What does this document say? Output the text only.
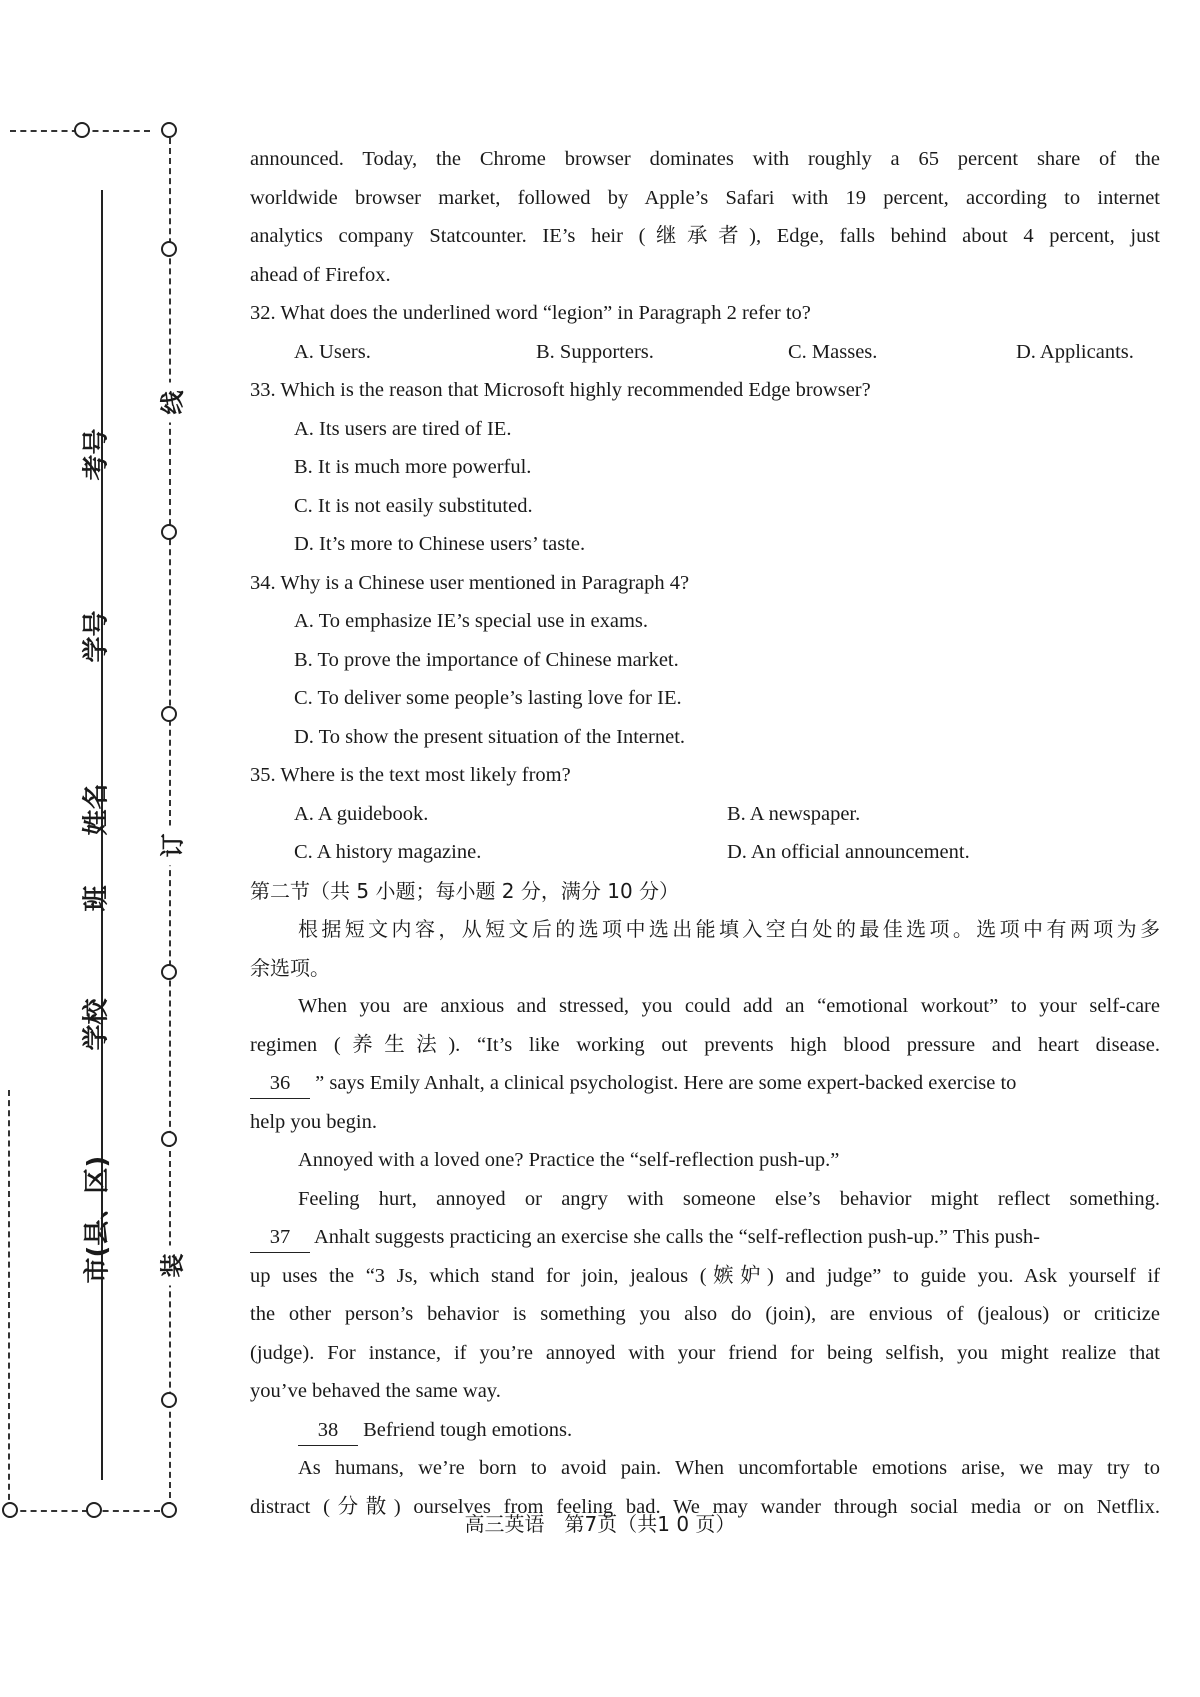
考号
学号
姓名
班
学校
市(县、区)
线
订
装
announced. Today, the Chrome browser dominates with roughly a 65 percent share of the
worldwide browser market, followed by Apple’s Safari with 19 percent, according to internet
analytics company Statcounter. IE’s heir (继承者), Edge, falls behind about 4 percent, just
ahead of Firefox.
32. What does the underlined word “legion” in Paragraph 2 refer to?
A. Users.	B. Supporters.	C. Masses.	D. Applicants.
33. Which is the reason that Microsoft highly recommended Edge browser?
A. Its users are tired of IE.
B. It is much more powerful.
C. It is not easily substituted.
D. It’s more to Chinese users’ taste.
34. Why is a Chinese user mentioned in Paragraph 4?
A. To emphasize IE’s special use in exams.
B. To prove the importance of Chinese market.
C. To deliver some people’s lasting love for IE.
D. To show the present situation of the Internet.
35. Where is the text most likely from?
A. A guidebook.	B. A newspaper.
C. A history magazine.	D. An official announcement.
第二节（共 5 小题；每小题 2 分，满分 10 分）
根据短文内容，从短文后的选项中选出能填入空白处的最佳选项。选项中有两项为多
余选项。
When you are anxious and stressed, you could add an “emotional workout” to your self-care
regimen (养生法). “It’s like working out prevents high blood pressure and heart disease.
36 ” says Emily Anhalt, a clinical psychologist. Here are some expert-backed exercise to
help you begin.
Annoyed with a loved one? Practice the “self-reflection push-up.”
Feeling hurt, annoyed or angry with someone else’s behavior might reflect something.
37 Anhalt suggests practicing an exercise she calls the “self-reflection push-up.” This push-
up uses the “3 Js, which stand for join, jealous (嫉妒) and judge” to guide you. Ask yourself if
the other person’s behavior is something you also do (join), are envious of (jealous) or criticize
(judge). For instance, if you’re annoyed with your friend for being selfish, you might realize that
you’ve behaved the same way.
38 Befriend tough emotions.
As humans, we’re born to avoid pain. When uncomfortable emotions arise, we may try to
distract (分散) ourselves from feeling bad. We may wander through social media or on Netflix.
高三英语　第7页（共1 0 页）
